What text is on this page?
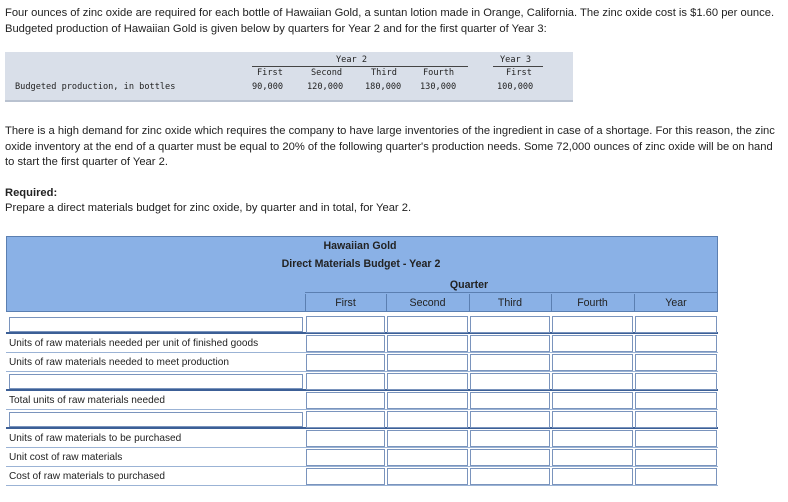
Four ounces of zinc oxide are required for each bottle of Hawaiian Gold, a suntan lotion made in Orange, California. The zinc oxide cost is $1.60 per ounce. Budgeted production of Hawaiian Gold is given below by quarters for Year 2 and for the first quarter of Year 3:

Year 2	Year 3
First	Second	Third	Fourth	First
Budgeted production, in bottles	90,000	120,000	180,000 130,000	100,000

There is a high demand for zinc oxide which requires the company to have large inventories of the ingredient in case of a shortage. For this reason, the zinc oxide inventory at the end of a quarter must be equal to 20% of the following quarter's production needs. Some 72,000 ounces of zinc oxide will be on hand to start the first quarter of Year 2.

Required:

Prepare a direct materials budget for zinc oxide, by quarter and in total, for Year 2.

Hawaiian Gold
Direct Materials Budget - Year 2
Quarter
First	Second	Third	Fourth	Year
Units of raw materials needed per unit of finished goods
Units of raw materials needed to meet production
Total units of raw materials needed
Units of raw materials to be purchased
Unit cost of raw materials
Cost of raw materials to purchased
